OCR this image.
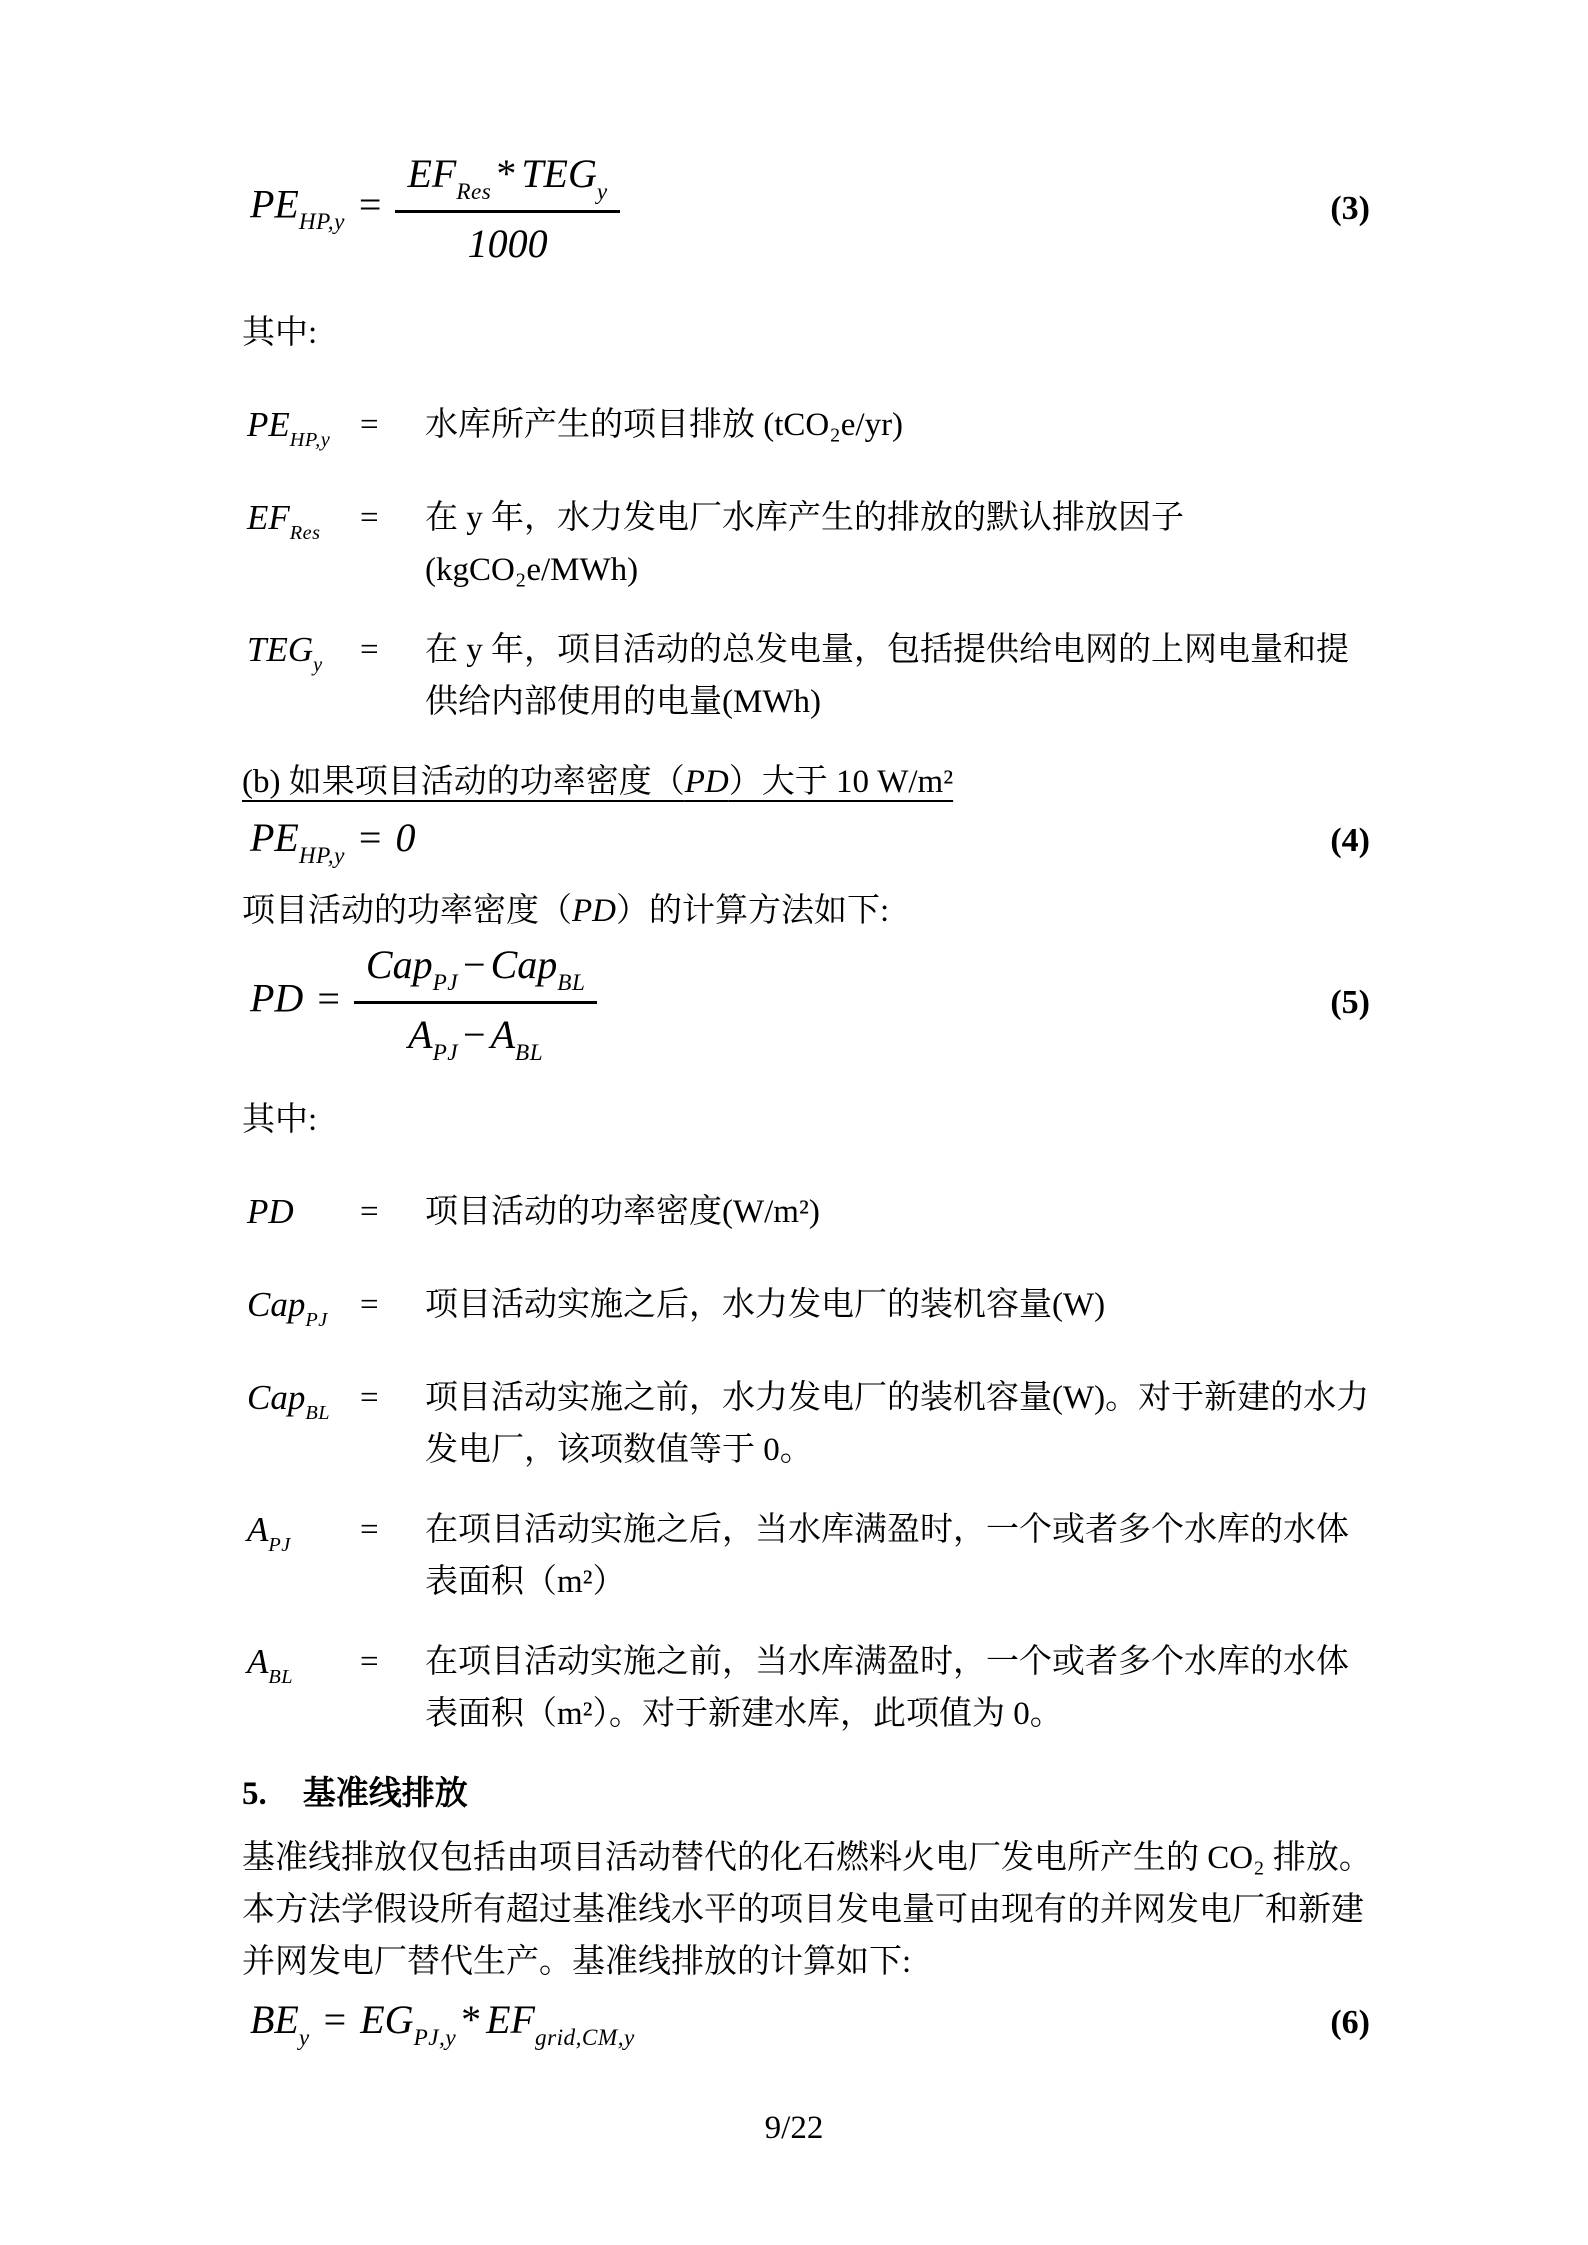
$PE_{HP,y} = \frac{EF_{Res} * TEG_y}{1000}$	(3)
其中:
$PE_{HP,y}$ =	水库所产生的项目排放 (tCO₂e/yr)
$EF_{Res}$	=	在 y 年，水力发电厂水库产生的排放的默认排放因子 (kgCO₂e/MWh)
$TEG_y$	=	在 y 年，项目活动的总发电量，包括提供给电网的上网电量和提供给内部使用的电量(MWh)
(b) 如果项目活动的功率密度（PD）大于 10 W/m²
$PE_{HP,y} = 0$	(4)
项目活动的功率密度（PD）的计算方法如下:
PD = $\frac{Cap_{PJ} - Cap_{BL}}{A_{PJ} - A_{BL}}$	(5)
其中:
PD	=	项目活动的功率密度(W/m²)
Cap$_{PJ}$ =	项目活动实施之后，水力发电厂的装机容量(W)
Cap$_{BL}$ =	项目活动实施之前，水力发电厂的装机容量(W)。对于新建的水力发电厂，该项数值等于 0。
$A_{PJ}$	=	在项目活动实施之后，当水库满盈时，一个或者多个水库的水体表面积（m²）
$A_{BL}$	=	在项目活动实施之前，当水库满盈时，一个或者多个水库的水体表面积（m²）。对于新建水库，此项值为 0。
5. 基准线排放
基准线排放仅包括由项目活动替代的化石燃料火电厂发电所产生的 CO₂ 排放。
本方法学假设所有超过基准线水平的项目发电量可由现有的并网发电厂和新建
并网发电厂替代生产。基准线排放的计算如下:
$BE_y = EG_{PJ,y} * EF_{grid,CM,y}$	(6)
9/22
